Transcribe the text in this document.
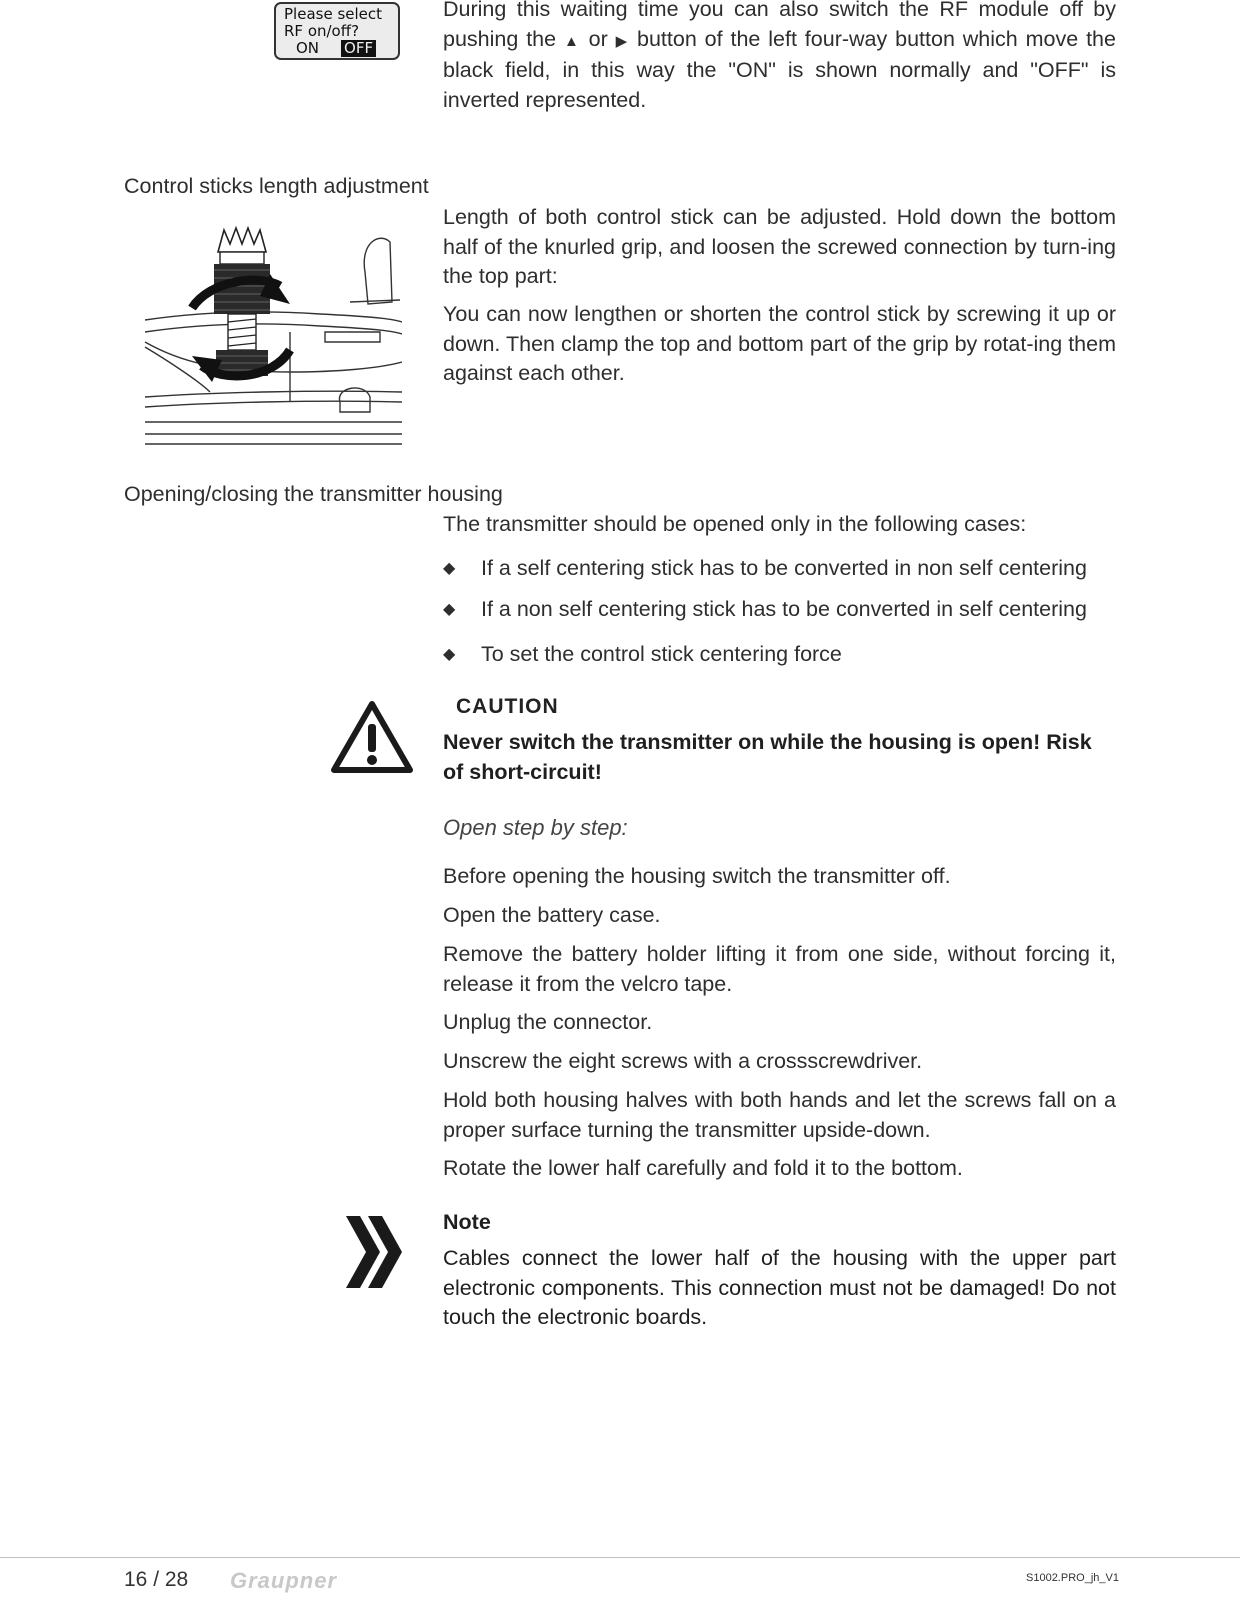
Please select
RF on/off?
ON OFF
During this waiting time you can also switch the RF module off by pushing the ▲ or ▶ button of the left four-way button which move the black field, in this way the "ON" is shown normally and "OFF" is inverted represented.
Control sticks length adjustment
Length of both control stick can be adjusted. Hold down the bottom half of the knurled grip, and loosen the screwed connection by turn-ing the top part:
You can now lengthen or shorten the control stick by screwing it up or down. Then clamp the top and bottom part of the grip by rotat-ing them against each other.
Opening/closing the transmitter housing
The transmitter should be opened only in the following cases:
◆	If a self centering stick has to be converted in non self centering
◆	If a non self centering stick has to be converted in self centering
◆	To set the control stick centering force
CAUTION
Never switch the transmitter on while the housing is open! Risk of short-circuit!
Open step by step:
Before opening the housing switch the transmitter off.
Open the battery case.
Remove the battery holder lifting it from one side, without forcing it, release it from the velcro tape.
Unplug the connector.
Unscrew the eight screws with a crossscrewdriver.
Hold both housing halves with both hands and let the screws fall on a proper surface turning the transmitter upside-down.
Rotate the lower half carefully and fold it to the bottom.
Note
Cables connect the lower half of the housing with the upper part electronic components. This connection must not be damaged! Do not touch the electronic boards.
16 / 28 Graupner	S1002.PRO_jh_V1
